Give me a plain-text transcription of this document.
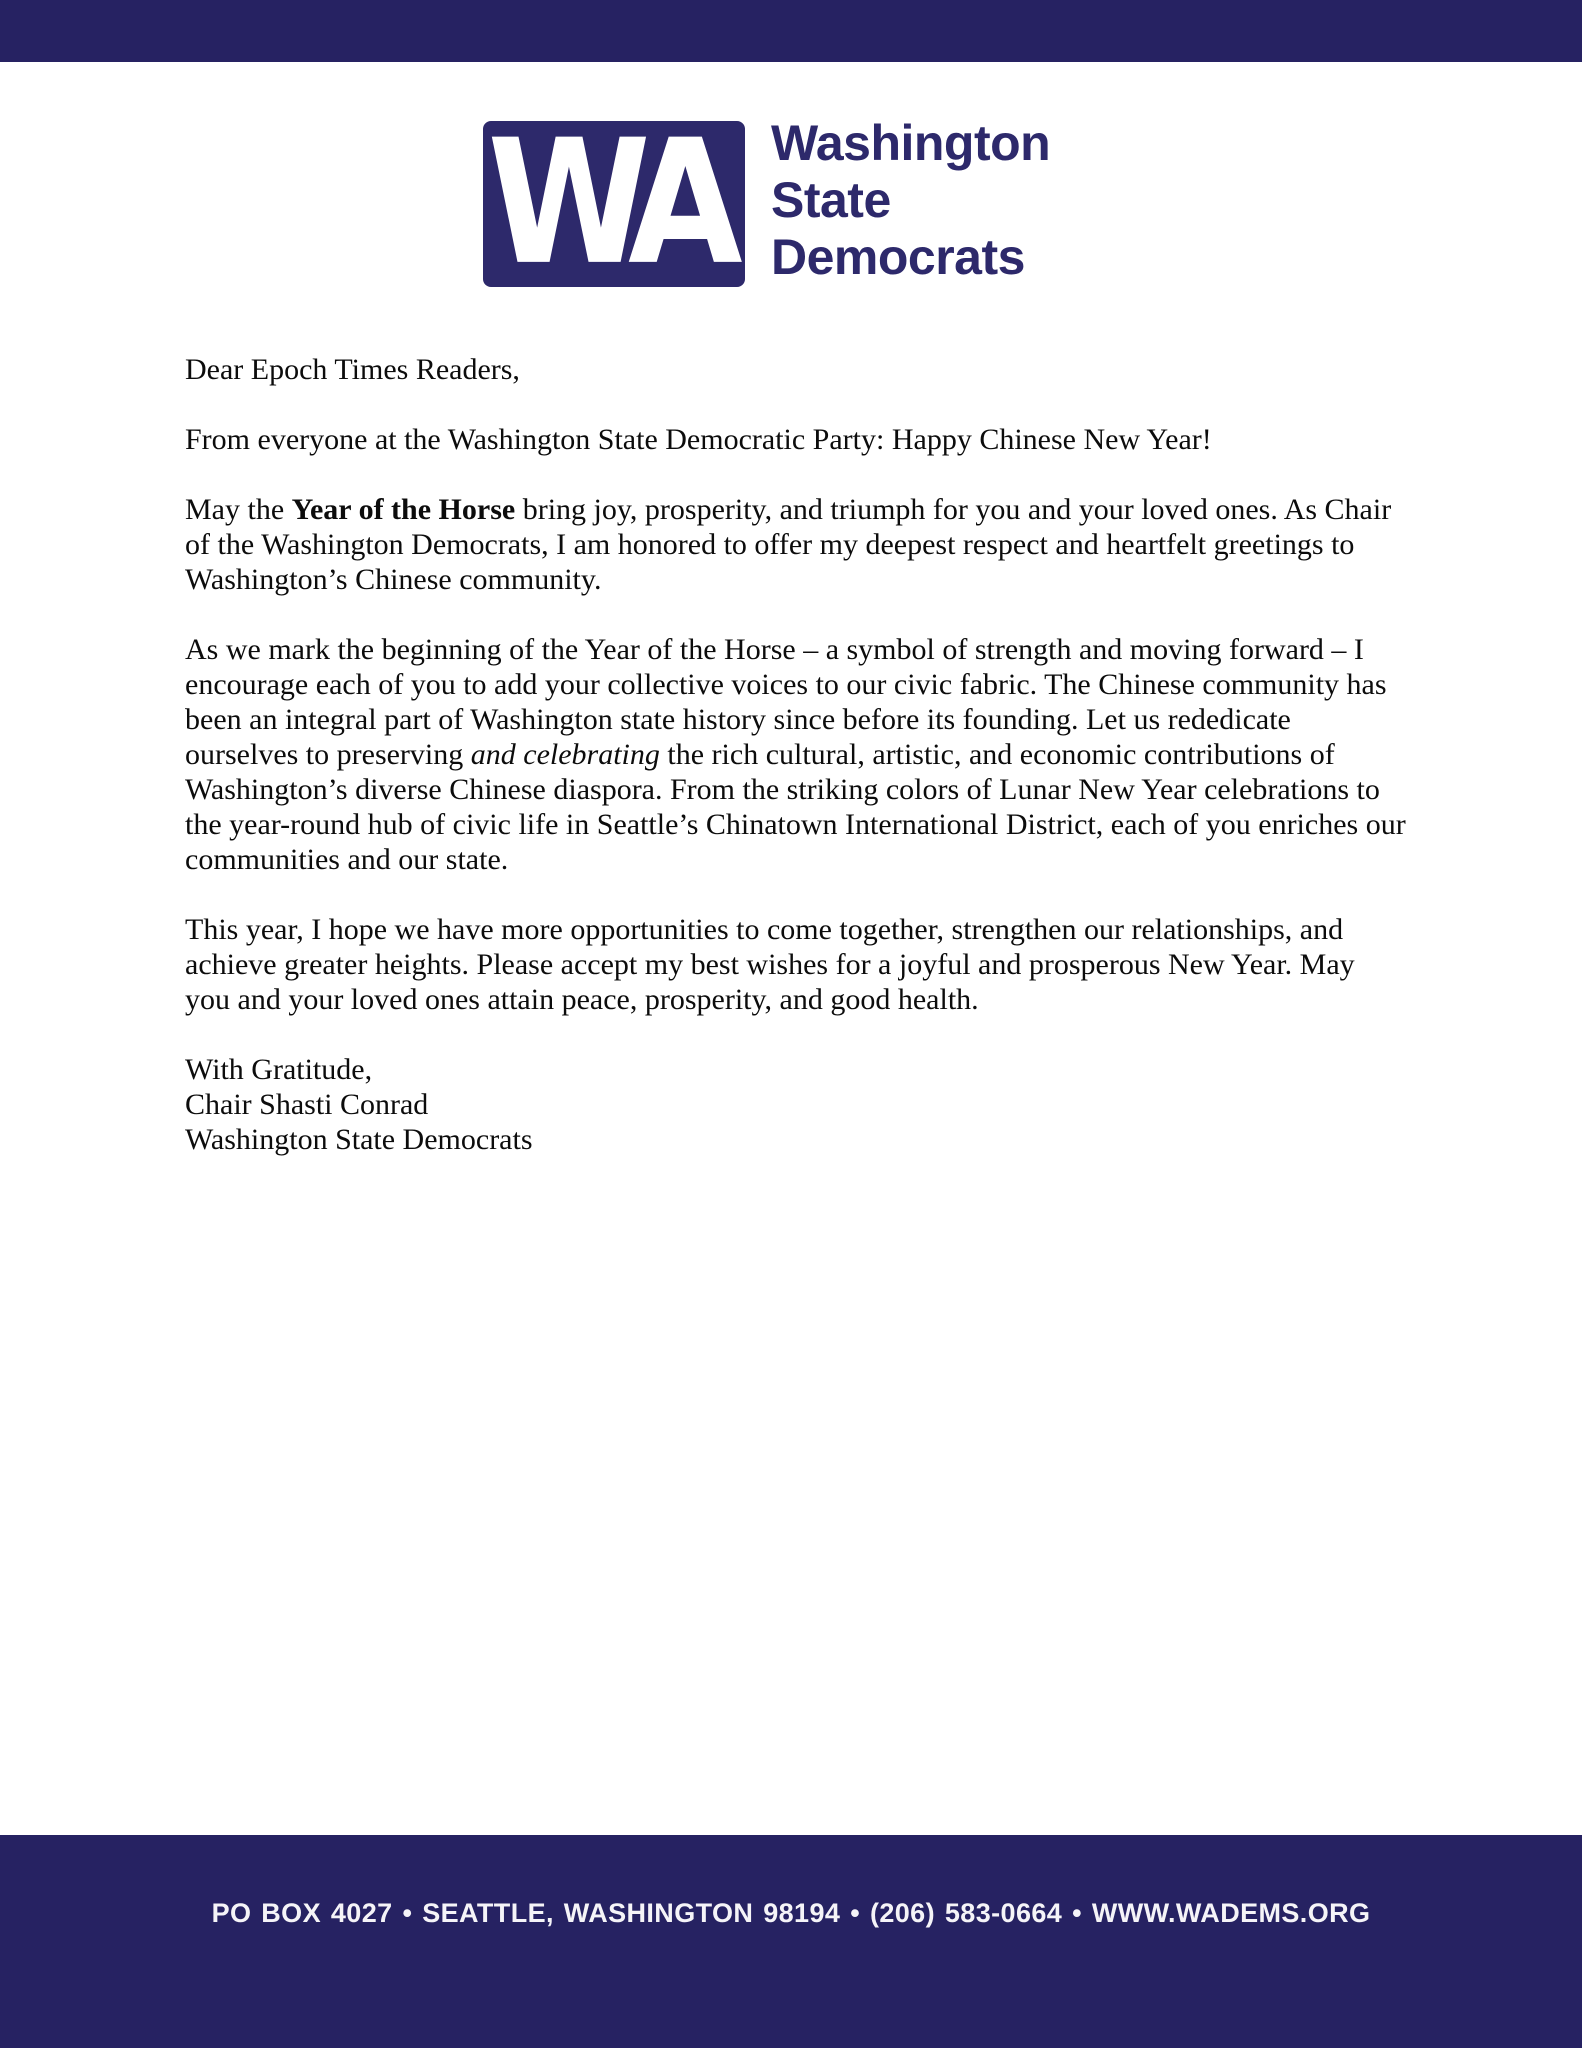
WA Washington
State
Democrats

Dear Epoch Times Readers,

From everyone at the Washington State Democratic Party: Happy Chinese New Year!

May the Year of the Horse bring joy, prosperity, and triumph for you and your loved ones. As Chair of the Washington Democrats, I am honored to offer my deepest respect and heartfelt greetings to Washington’s Chinese community.

As we mark the beginning of the Year of the Horse – a symbol of strength and moving forward – I encourage each of you to add your collective voices to our civic fabric. The Chinese community has been an integral part of Washington state history since before its founding. Let us rededicate ourselves to preserving and celebrating the rich cultural, artistic, and economic contributions of Washington’s diverse Chinese diaspora. From the striking colors of Lunar New Year celebrations to the year-round hub of civic life in Seattle’s Chinatown International District, each of you enriches our communities and our state.

This year, I hope we have more opportunities to come together, strengthen our relationships, and achieve greater heights. Please accept my best wishes for a joyful and prosperous New Year. May you and your loved ones attain peace, prosperity, and good health.

With Gratitude,
Chair Shasti Conrad
Washington State Democrats
PO BOX 4027 • SEATTLE, WASHINGTON 98194 • (206) 583-0664 • WWW.WADEMS.ORG
